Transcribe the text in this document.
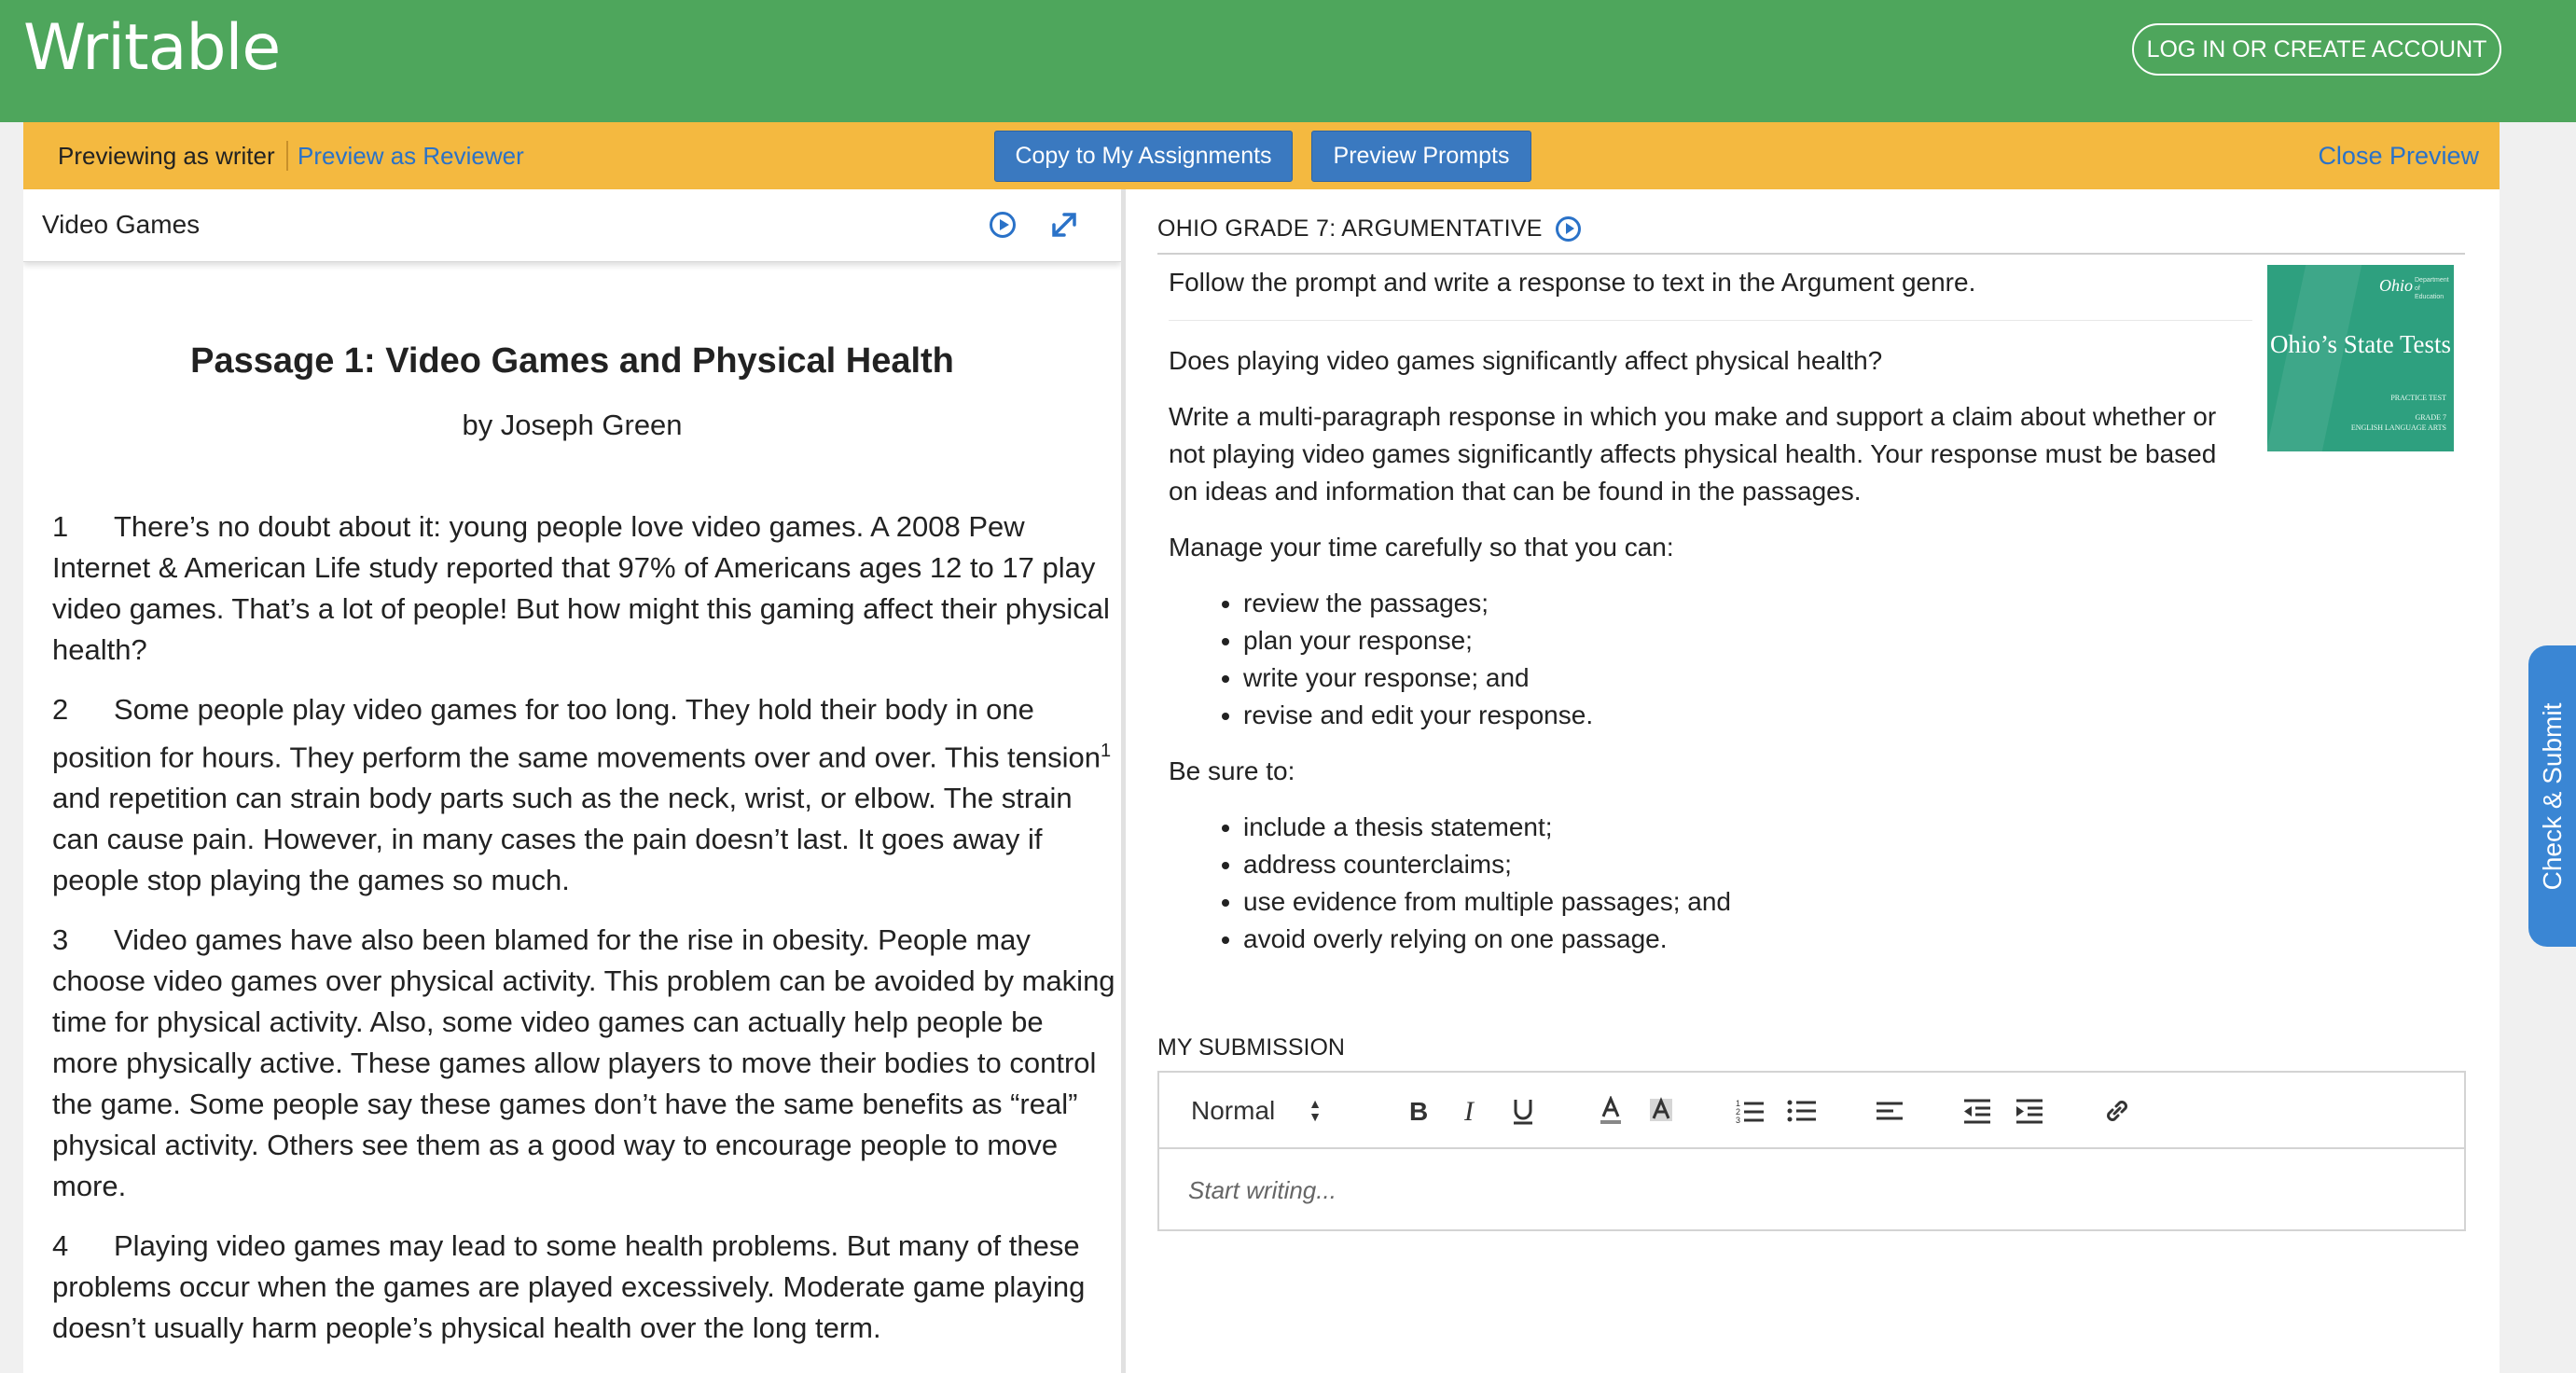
Writable	LOG IN OR CREATE ACCOUNT
Previewing as writer Preview as Reviewer	Copy to My Assignments	Preview Prompts	Close Preview
Video Games
Passage 1: Video Games and Physical Health
by Joseph Green

1 There’s no doubt about it: young people love video games. A 2008 Pew Internet & American Life study reported that 97% of Americans ages 12 to 17 play video games. That’s a lot of people! But how might this gaming affect their physical health?

2 Some people play video games for too long. They hold their body in one position for hours. They perform the same movements over and over. This tension$^1$ and repetition can strain body parts such as the neck, wrist, or elbow. The strain can cause pain. However, in many cases the pain doesn’t last. It goes away if people stop playing the games so much.

3 Video games have also been blamed for the rise in obesity. People may choose video games over physical activity. This problem can be avoided by making time for physical activity. Also, some video games can actually help people be more physically active. These games allow players to move their bodies to control the game. Some people say these games don’t have the same benefits as “real” physical activity. Others see them as a good way to encourage people to move more.

4 Playing video games may lead to some health problems. But many of these problems occur when the games are played excessively. Moderate game playing doesn’t usually harm people’s physical health over the long term.

OHIO GRADE 7: ARGUMENTATIVE
Follow the prompt and write a response to text in the Argument genre.	Ohio Department of Education
Ohio’s State Tests
PRACTICE TEST
GRADE 7
ENGLISH LANGUAGE ARTS

Does playing video games significantly affect physical health?

Write a multi-paragraph response in which you make and support a claim about whether or not playing video games significantly affects physical health. Your response must be based on ideas and information that can be found in the passages.

Manage your time carefully so that you can:

• review the passages;
• plan your response;
• write your response; and
• revise and edit your response.

Be sure to:

• include a thesis statement;
• address counterclaims;
• use evidence from multiple passages; and
• avoid overly relying on one passage.
MY SUBMISSION
Normal	▲
▼	B I	1
2
3
Start writing...
Check & Submit
